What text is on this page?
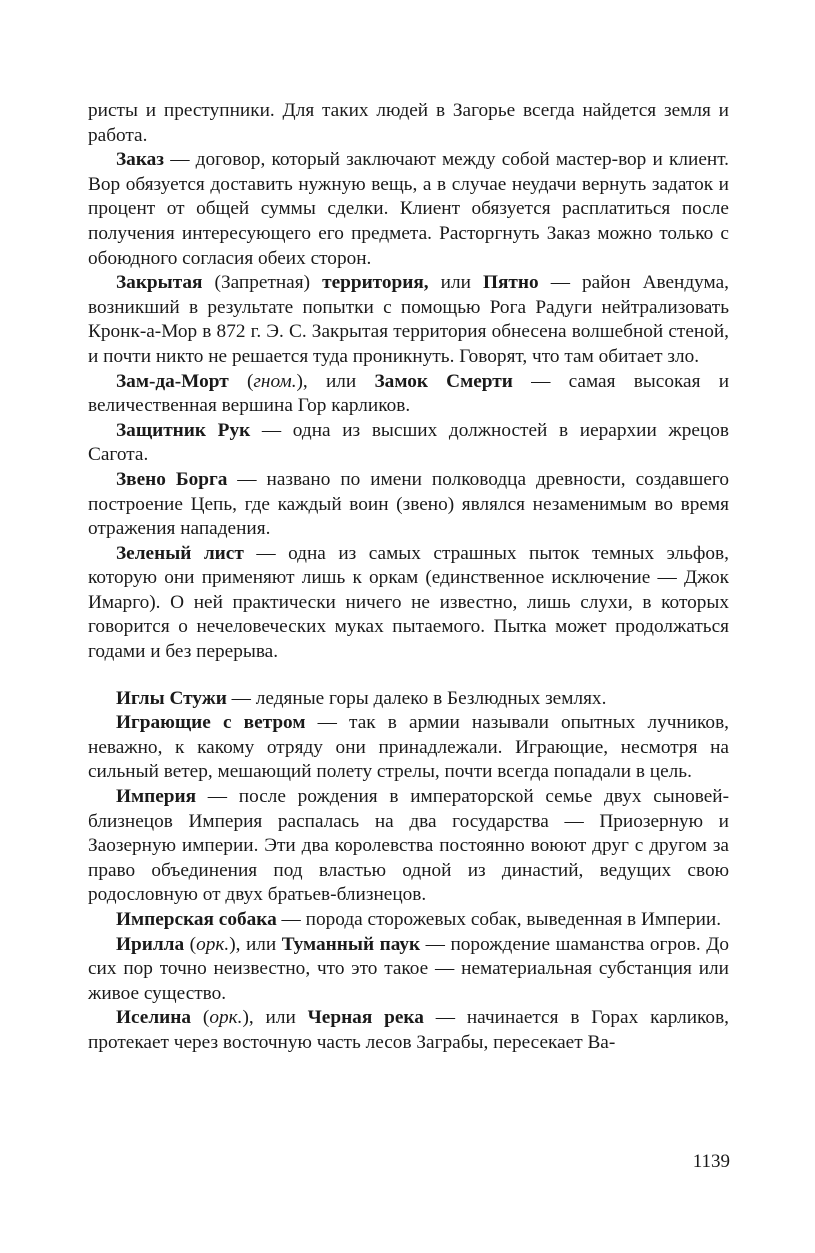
ристы и преступники. Для таких людей в Загорье всегда найдется земля и работа.

Заказ — договор, который заключают между собой мастер-вор и клиент. Вор обязуется доставить нужную вещь, а в случае неудачи вернуть задаток и процент от общей суммы сделки. Клиент обязуется расплатиться после получения интересующего его предмета. Расторгнуть Заказ можно только с обоюдного согласия обеих сторон.

Закрытая (Запретная) территория, или Пятно — район Авендума, возникший в результате попытки с помощью Рога Радуги нейтрализовать Кронк-а-Мор в 872 г. Э. С. Закрытая территория обнесена волшебной стеной, и почти никто не решается туда проникнуть. Говорят, что там обитает зло.

Зам-да-Морт (гном.), или Замок Смерти — самая высокая и величественная вершина Гор карликов.

Защитник Рук — одна из высших должностей в иерархии жрецов Сагота.

Звено Борга — названо по имени полководца древности, создавшего построение Цепь, где каждый воин (звено) являлся незаменимым во время отражения нападения.

Зеленый лист — одна из самых страшных пыток темных эльфов, которую они применяют лишь к оркам (единственное исключение — Джок Имарго). О ней практически ничего не известно, лишь слухи, в которых говорится о нечеловеческих муках пытаемого. Пытка может продолжаться годами и без перерыва.

Иглы Стужи — ледяные горы далеко в Безлюдных землях.

Играющие с ветром — так в армии называли опытных лучников, неважно, к какому отряду они принадлежали. Играющие, несмотря на сильный ветер, мешающий полету стрелы, почти всегда попадали в цель.

Империя — после рождения в императорской семье двух сыновей-близнецов Империя распалась на два государства — Приозерную и Заозерную империи. Эти два королевства постоянно воюют друг с другом за право объединения под властью одной из династий, ведущих свою родословную от двух братьев-близнецов.

Имперская собака — порода сторожевых собак, выведенная в Империи.

Ирилла (орк.), или Туманный паук — порождение шаманства огров. До сих пор точно неизвестно, что это такое — нематериальная субстанция или живое существо.

Иселина (орк.), или Черная река — начинается в Горах карликов, протекает через восточную часть лесов Заграбы, пересекает Ва-

1139
